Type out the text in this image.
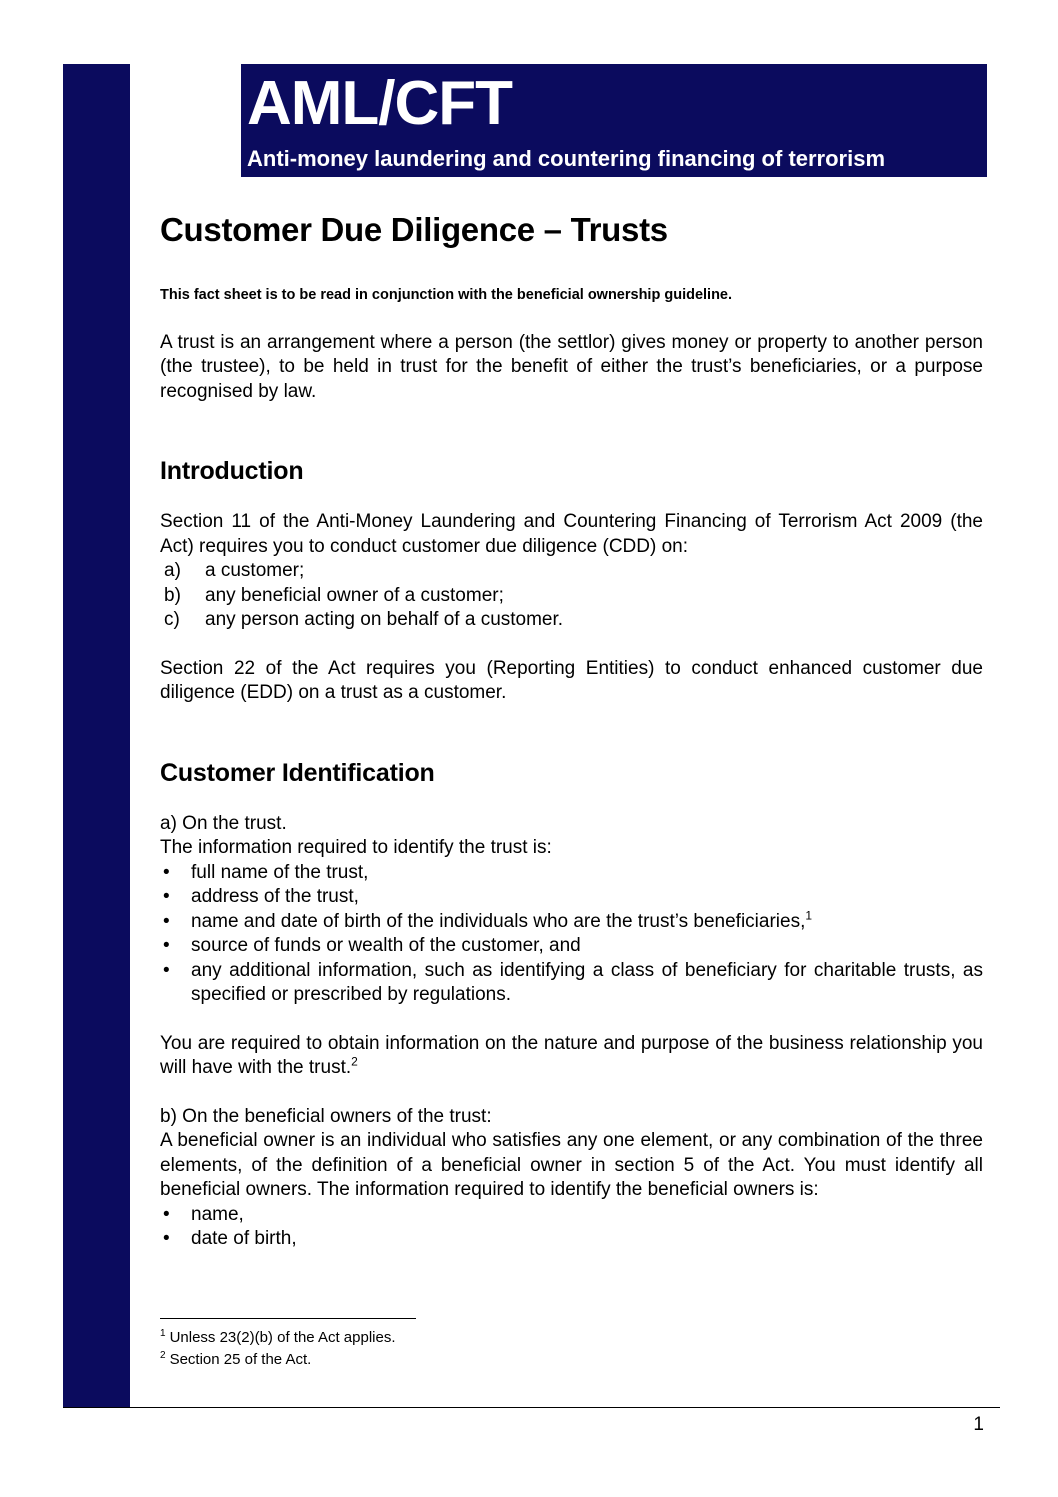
AML/CFT
Anti-money laundering and countering financing of terrorism
Customer Due Diligence – Trusts
This fact sheet is to be read in conjunction with the beneficial ownership guideline.

A trust is an arrangement where a person (the settlor) gives money or property to another person (the trustee), to be held in trust for the benefit of either the trust’s beneficiaries, or a purpose recognised by law.

Introduction

Section 11 of the Anti-Money Laundering and Countering Financing of Terrorism Act 2009 (the Act) requires you to conduct customer due diligence (CDD) on:

a) a customer;
b) any beneficial owner of a customer;
c) any person acting on behalf of a customer.

Section 22 of the Act requires you (Reporting Entities) to conduct enhanced customer due diligence (EDD) on a trust as a customer.

Customer Identification

a) On the trust.

The information required to identify the trust is:

• full name of the trust,
• address of the trust,
• name and date of birth of the individuals who are the trust’s beneficiaries,$^1$
• source of funds or wealth of the customer, and
• any additional information, such as identifying a class of beneficiary for charitable trusts, as specified or prescribed by regulations.

You are required to obtain information on the nature and purpose of the business relationship you will have with the trust.$^2$

b) On the beneficial owners of the trust:

A beneficial owner is an individual who satisfies any one element, or any combination of the three elements, of the definition of a beneficial owner in section 5 of the Act. You must identify all beneficial owners. The information required to identify the beneficial owners is:

• name,
• date of birth,
$^1$ Unless 23(2)(b) of the Act applies.
$^2$ Section 25 of the Act.
1
